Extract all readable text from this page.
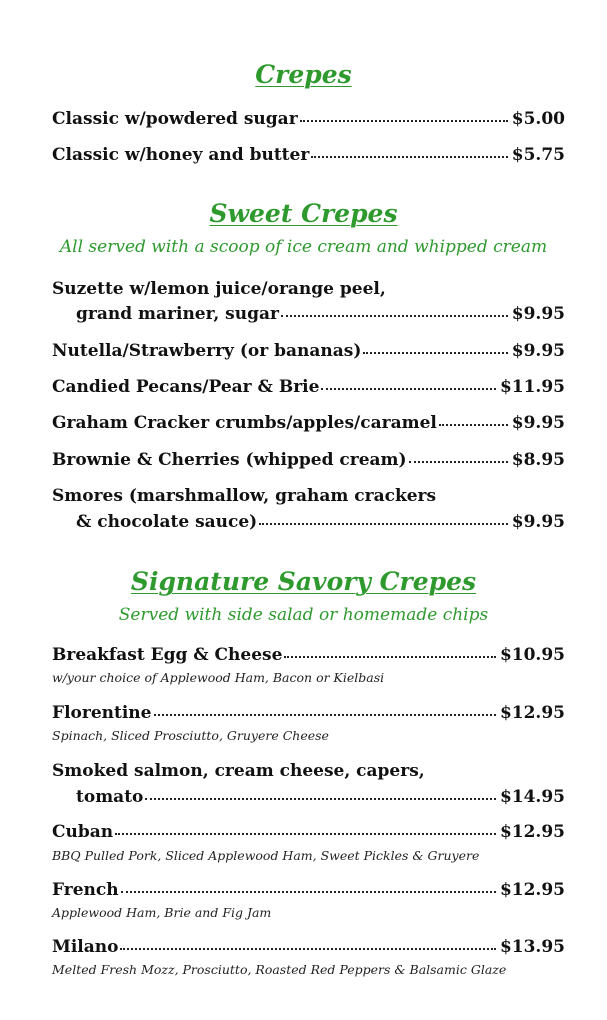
Crepes
Classic w/powdered sugar	$5.00
Classic w/honey and butter	$5.75
Sweet Crepes

All served with a scoop of ice cream and whipped cream

Suzette w/lemon juice/orange peel,
grand mariner, sugar	$9.95
Nutella/Strawberry (or bananas)	$9.95
Candied Pecans/Pear & Brie	$11.95
Graham Cracker crumbs/apples/caramel	$9.95
Brownie & Cherries (whipped cream)	$8.95
Smores (marshmallow, graham crackers
& chocolate sauce)	$9.95
Signature Savory Crepes

Served with side salad or homemade chips

Breakfast Egg & Cheese	$10.95
w/your choice of Applewood Ham, Bacon or Kielbasi
Florentine	$12.95
Spinach, Sliced Prosciutto, Gruyere Cheese
Smoked salmon, cream cheese, capers,
tomato	$14.95
Cuban	$12.95
BBQ Pulled Pork, Sliced Applewood Ham, Sweet Pickles & Gruyere
French	$12.95
Applewood Ham, Brie and Fig Jam
Milano	$13.95
Melted Fresh Mozz, Prosciutto, Roasted Red Peppers & Balsamic Glaze
